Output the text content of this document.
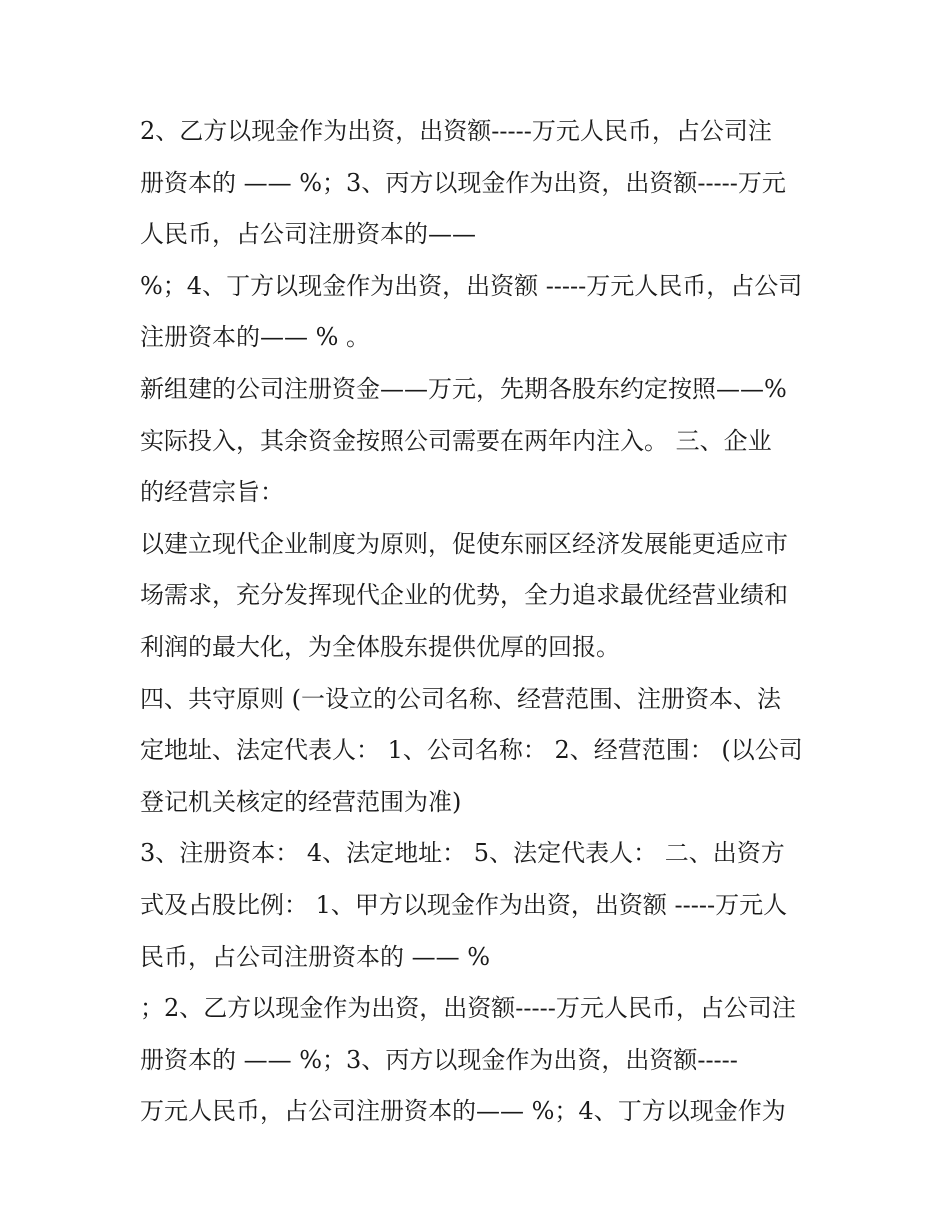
2、乙方以现金作为出资，出资额-----万元人民币，占公司注
册资本的 —— %；3、丙方以现金作为出资，出资额-----万元
人民币，占公司注册资本的——
%；4、丁方以现金作为出资，出资额 -----万元人民币，占公司
注册资本的—— % 。
新组建的公司注册资金——万元，先期各股东约定按照——%
实际投入，其余资金按照公司需要在两年内注入。 三、企业
的经营宗旨：
以建立现代企业制度为原则，促使东丽区经济发展能更适应市
场需求，充分发挥现代企业的优势，全力追求最优经营业绩和
利润的最大化，为全体股东提供优厚的回报。
四、共守原则 (一设立的公司名称、经营范围、注册资本、法
定地址、法定代表人： 1、公司名称： 2、经营范围： (以公司
登记机关核定的经营范围为准)
3、注册资本： 4、法定地址： 5、法定代表人： 二、出资方
式及占股比例： 1、甲方以现金作为出资，出资额 -----万元人
民币，占公司注册资本的 —— %
；2、乙方以现金作为出资，出资额-----万元人民币，占公司注
册资本的 —— %；3、丙方以现金作为出资，出资额-----
万元人民币，占公司注册资本的—— %；4、丁方以现金作为
